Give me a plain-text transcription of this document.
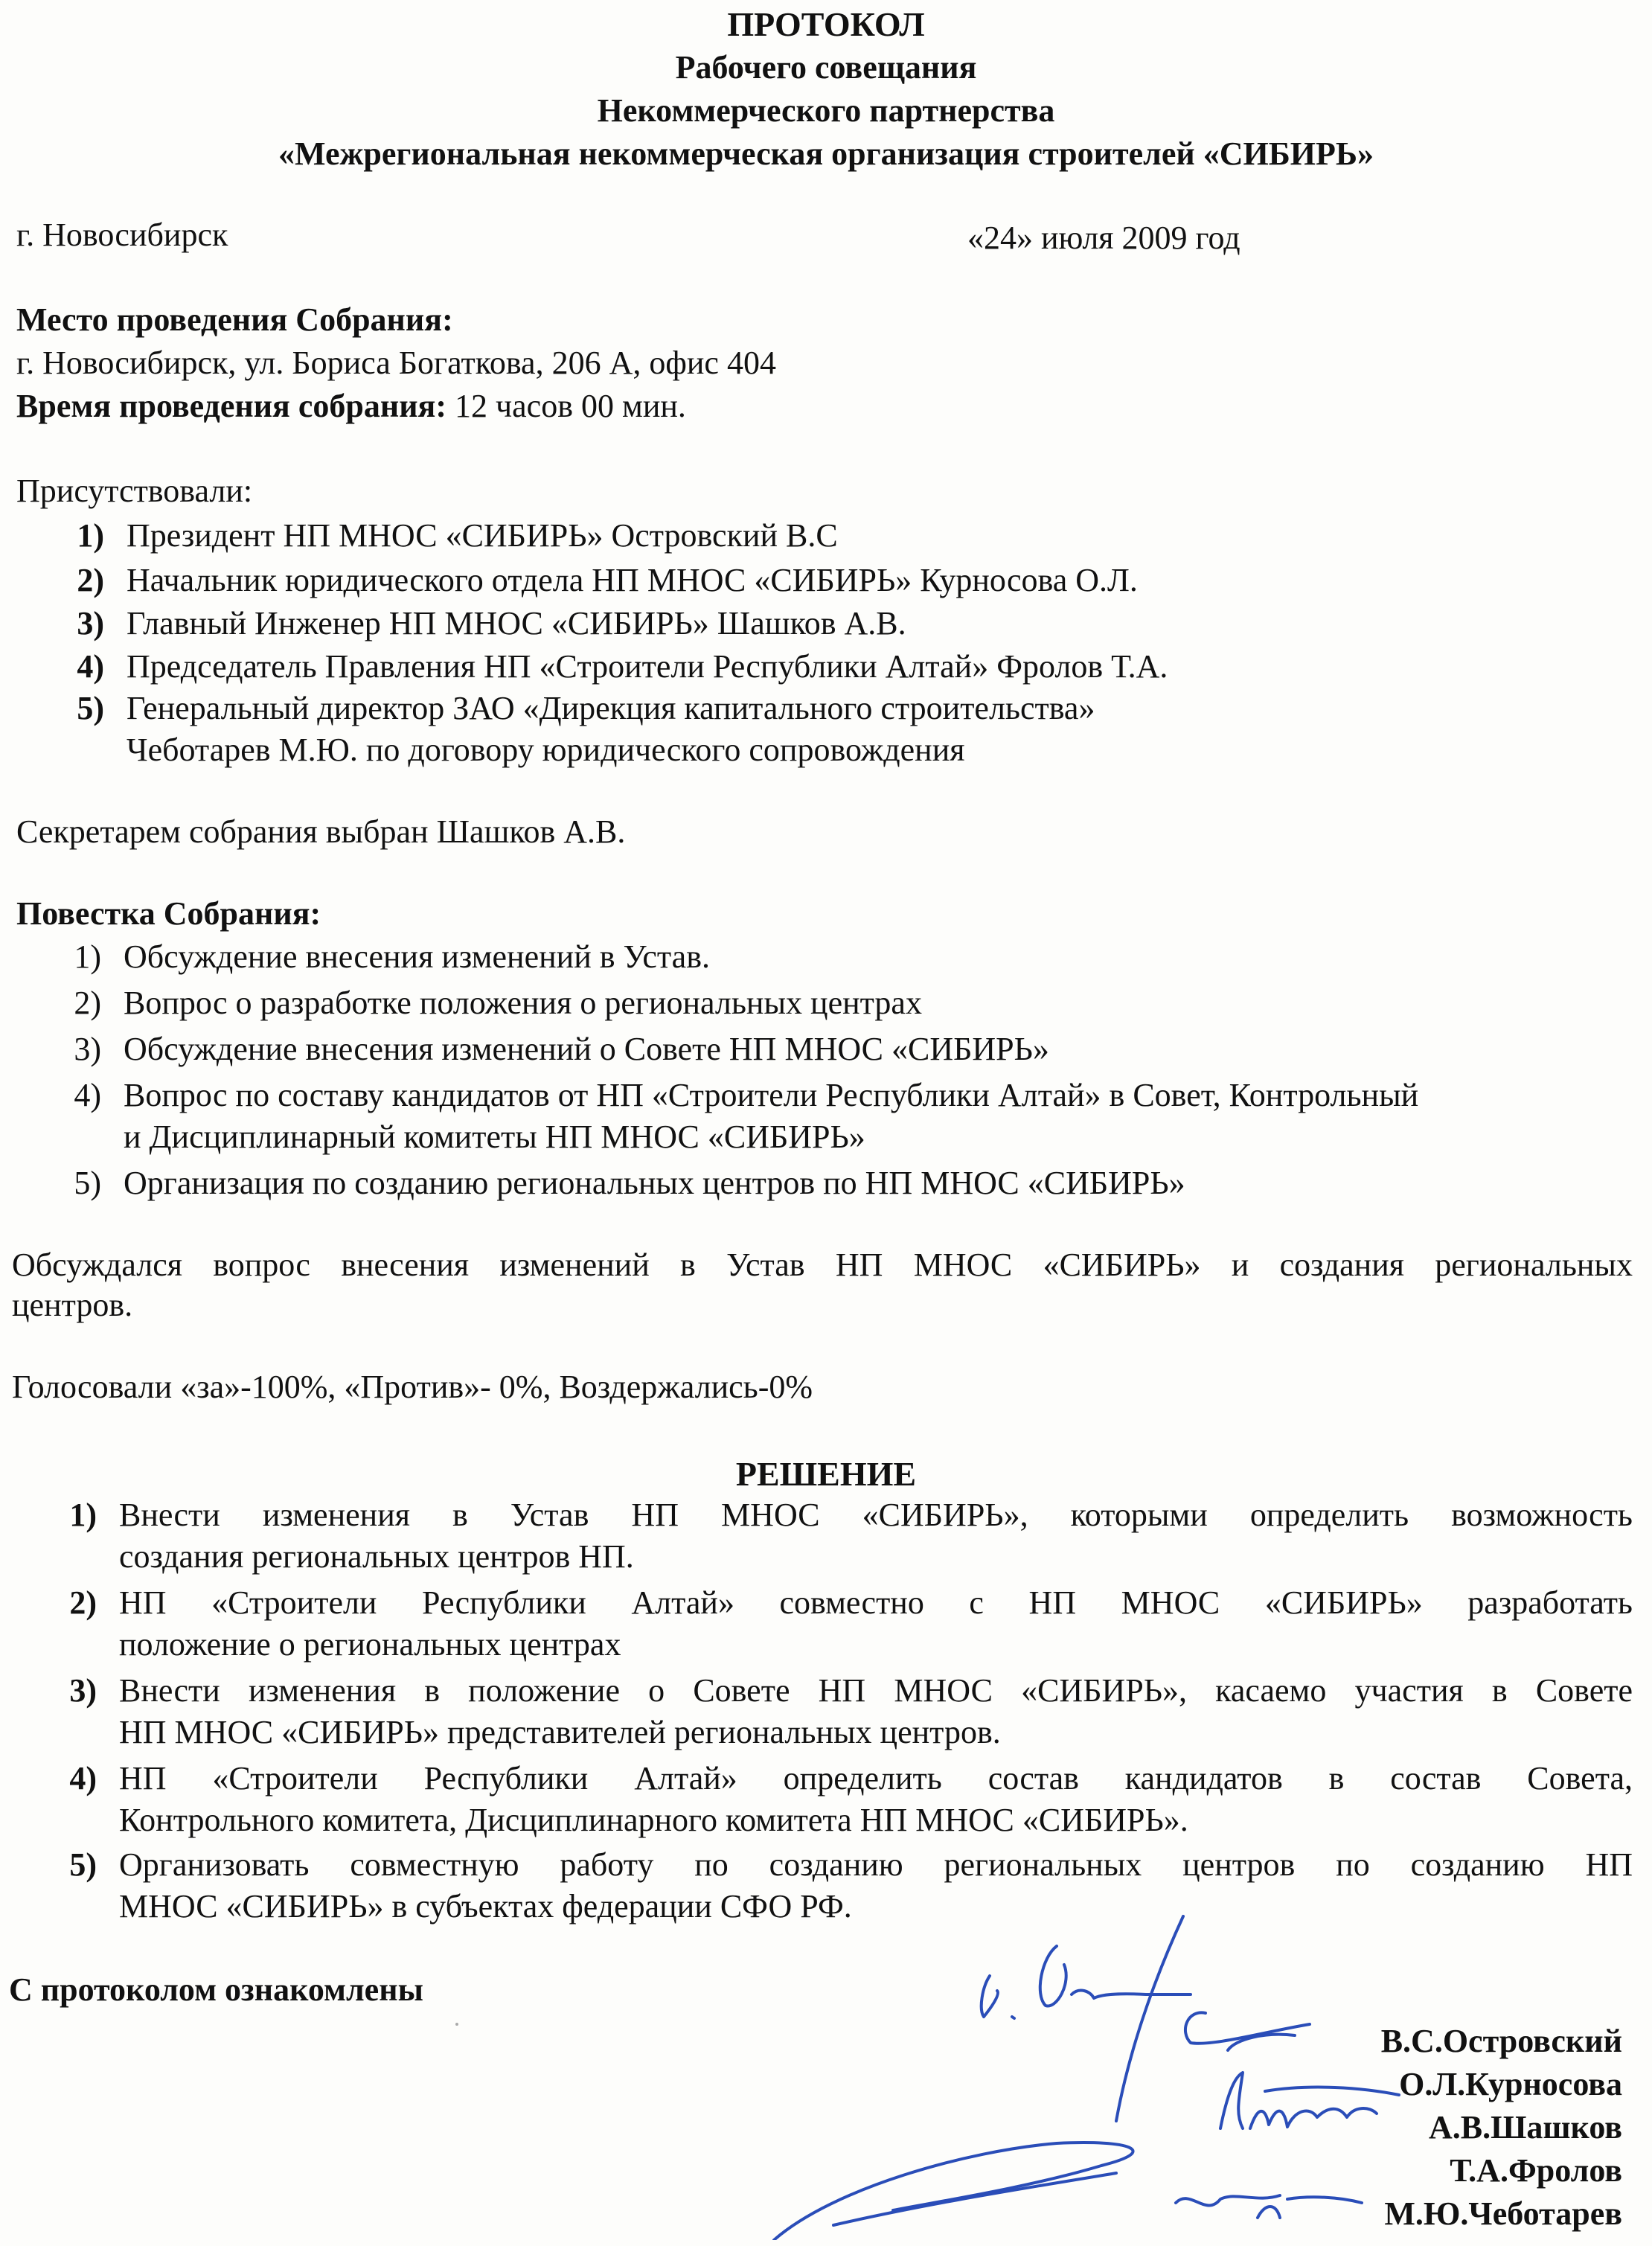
ПРОТОКОЛ
Рабочего совещания
Некоммерческого партнерства
«Межрегиональная некоммерческая организация строителей «СИБИРЬ»
г. Новосибирск	«24» июля 2009 год
Место проведения Собрания:
г. Новосибирск, ул. Бориса Богаткова, 206 А, офис 404
Время проведения собрания: 12 часов 00 мин.
Присутствовали:
1) Президент НП МНОС «СИБИРЬ» Островский В.С
2) Начальник юридического отдела НП МНОС «СИБИРЬ» Курносова О.Л.
3) Главный Инженер НП МНОС «СИБИРЬ» Шашков А.В.
4) Председатель Правления НП «Строители Республики Алтай» Фролов Т.А.
5) Генеральный директор ЗАО «Дирекция капитального строительства»
Чеботарев М.Ю. по договору юридического сопровождения
Секретарем собрания выбран Шашков А.В.
Повестка Собрания:
1) Обсуждение внесения изменений в Устав.
2) Вопрос о разработке положения о региональных центрах
3) Обсуждение внесения изменений о Совете НП МНОС «СИБИРЬ»
4) Вопрос по составу кандидатов от НП «Строители Республики Алтай» в Совет, Контрольный
и Дисциплинарный комитеты НП МНОС «СИБИРЬ»
5) Организация по созданию региональных центров по НП МНОС «СИБИРЬ»
Обсуждался вопрос внесения изменений в Устав НП МНОС «СИБИРЬ» и создания региональных
центров.
Голосовали «за»-100%, «Против»- 0%, Воздержались-0%
РЕШЕНИЕ
1) Внести изменения в Устав НП МНОС «СИБИРЬ», которыми определить возможность
создания региональных центров НП.
2) НП «Строители Республики Алтай» совместно с НП МНОС «СИБИРЬ» разработать
положение о региональных центрах
3) Внести изменения в положение о Совете НП МНОС «СИБИРЬ», касаемо участия в Совете
НП МНОС «СИБИРЬ» представителей региональных центров.
4) НП «Строители Республики Алтай» определить состав кандидатов в состав Совета,
Контрольного комитета, Дисциплинарного комитета НП МНОС «СИБИРЬ».
5) Организовать совместную работу по созданию региональных центров по созданию НП
МНОС «СИБИРЬ» в субъектах федерации СФО РФ.
С протоколом ознакомлены
В.С.Островский
О.Л.Курносова
А.В.Шашков
Т.А.Фролов
М.Ю.Чеботарев
